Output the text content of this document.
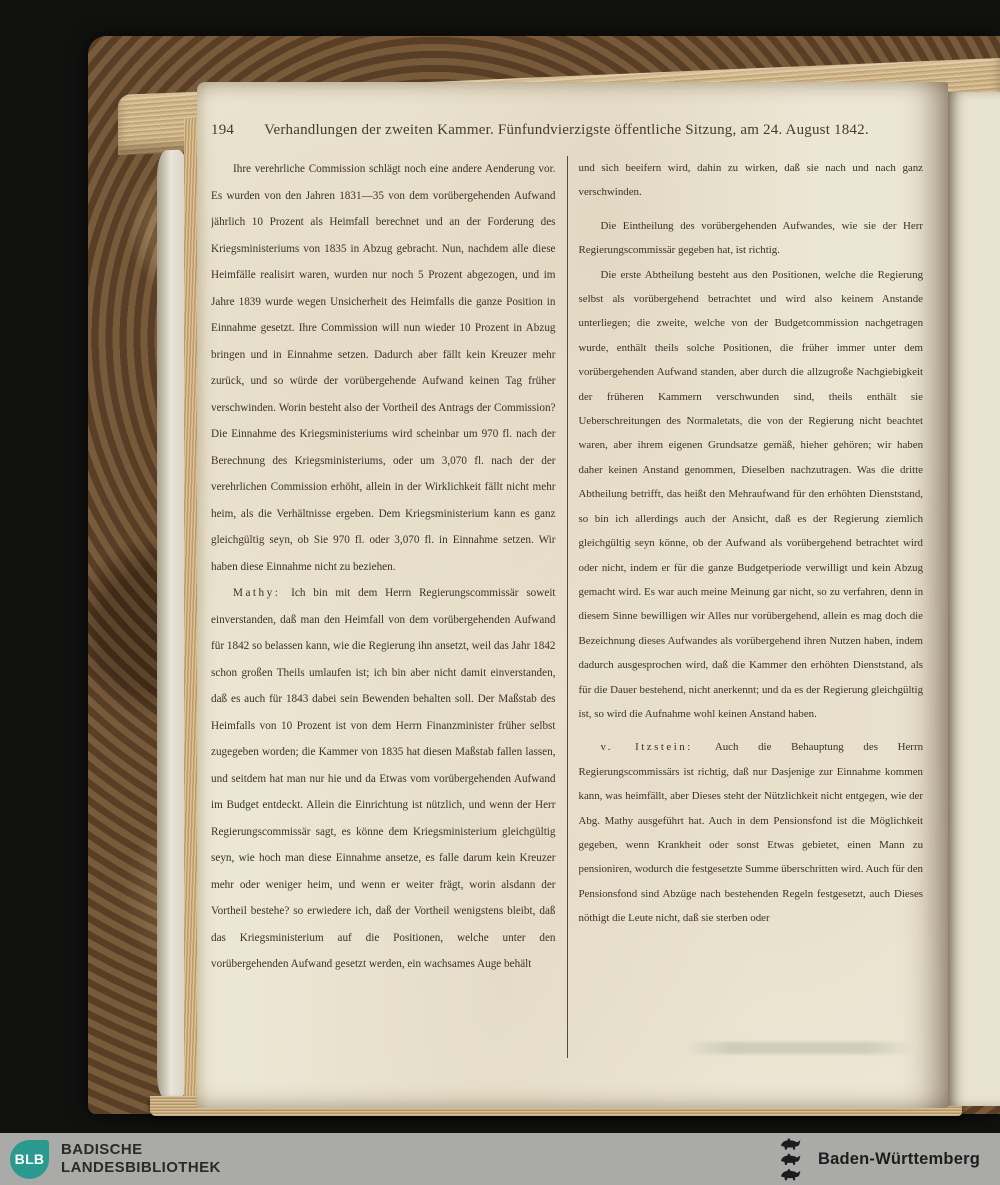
194 Verhandlungen der zweiten Kammer. Fünfundvierzigste öffentliche Sitzung, am 24. August 1842.

Ihre verehrliche Commission schlägt noch eine andere Aenderung vor. Es wurden von den Jahren 1831—35 von dem vorübergehenden Aufwand jährlich 10 Prozent als Heimfall berechnet und an der Forderung des Kriegsministeriums von 1835 in Abzug gebracht. Nun, nachdem alle diese Heimfälle realisirt waren, wurden nur noch 5 Prozent abgezogen, und im Jahre 1839 wurde wegen Unsicherheit des Heimfalls die ganze Position in Einnahme gesetzt. Ihre Commission will nun wieder 10 Prozent in Abzug bringen und in Einnahme setzen. Dadurch aber fällt kein Kreuzer mehr zurück, und so würde der vorübergehende Aufwand keinen Tag früher verschwinden. Worin besteht also der Vortheil des Antrags der Commission? Die Einnahme des Kriegsministeriums wird scheinbar um 970 fl. nach der Berechnung des Kriegsministeriums, oder um 3,070 fl. nach der der verehrlichen Commission erhöht, allein in der Wirklichkeit fällt nicht mehr heim, als die Verhältnisse ergeben. Dem Kriegsministerium kann es ganz gleichgültig seyn, ob Sie 970 fl. oder 3,070 fl. in Einnahme setzen. Wir haben diese Einnahme nicht zu beziehen.

Mathy: Ich bin mit dem Herrn Regierungscommissär soweit einverstanden, daß man den Heimfall von dem vorübergehenden Aufwand für 1842 so belassen kann, wie die Regierung ihn ansetzt, weil das Jahr 1842 schon großen Theils umlaufen ist; ich bin aber nicht damit einverstanden, daß es auch für 1843 dabei sein Bewenden behalten soll. Der Maßstab des Heimfalls von 10 Prozent ist von dem Herrn Finanzminister früher selbst zugegeben worden; die Kammer von 1835 hat diesen Maßstab fallen lassen, und seitdem hat man nur hie und da Etwas vom vorübergehenden Aufwand im Budget entdeckt. Allein die Einrichtung ist nützlich, und wenn der Herr Regierungscommissär sagt, es könne dem Kriegsministerium gleichgültig seyn, wie hoch man diese Einnahme ansetze, es falle darum kein Kreuzer mehr oder weniger heim, und wenn er weiter frägt, worin alsdann der Vortheil bestehe? so erwiedere ich, daß der Vortheil wenigstens bleibt, daß das Kriegsministerium auf die Positionen, welche unter den vorübergehenden Aufwand gesetzt werden, ein wachsames Auge behält

und sich beeifern wird, dahin zu wirken, daß sie nach und nach ganz verschwinden.

Die Eintheilung des vorübergehenden Aufwandes, wie sie der Herr Regierungscommissär gegeben hat, ist richtig.

Die erste Abtheilung besteht aus den Positionen, welche die Regierung selbst als vorübergehend betrachtet und wird also keinem Anstande unterliegen; die zweite, welche von der Budgetcommission nachgetragen wurde, enthält theils solche Positionen, die früher immer unter dem vorübergehenden Aufwand standen, aber durch die allzugroße Nachgiebigkeit der früheren Kammern verschwunden sind, theils enthält sie Ueberschreitungen des Normaletats, die von der Regierung nicht beachtet waren, aber ihrem eigenen Grundsatze gemäß, hieher gehören; wir haben daher keinen Anstand genommen, Dieselben nachzutragen. Was die dritte Abtheilung betrifft, das heißt den Mehraufwand für den erhöhten Dienststand, so bin ich allerdings auch der Ansicht, daß es der Regierung ziemlich gleichgültig seyn könne, ob der Aufwand als vorübergehend betrachtet wird oder nicht, indem er für die ganze Budgetperiode verwilligt und kein Abzug gemacht wird. Es war auch meine Meinung gar nicht, so zu verfahren, denn in diesem Sinne bewilligen wir Alles nur vorübergehend, allein es mag doch die Bezeichnung dieses Aufwandes als vorübergehend ihren Nutzen haben, indem dadurch ausgesprochen wird, daß die Kammer den erhöhten Dienststand, als für die Dauer bestehend, nicht anerkennt; und da es der Regierung gleichgültig ist, so wird die Aufnahme wohl keinen Anstand haben.

v. Itzstein: Auch die Behauptung des Herrn Regierungscommissärs ist richtig, daß nur Dasjenige zur Einnahme kommen kann, was heimfällt, aber Dieses steht der Nützlichkeit nicht entgegen, wie der Abg. Mathy ausgeführt hat. Auch in dem Pensionsfond ist die Möglichkeit gegeben, wenn Krankheit oder sonst Etwas gebietet, einen Mann zu pensioniren, wodurch die festgesetzte Summe überschritten wird. Auch für den Pensionsfond sind Abzüge nach bestehenden Regeln festgesetzt, auch Dieses nöthigt die Leute nicht, daß sie sterben oder

BLB
BADISCHE
LANDESBIBLIOTHEK	Baden-Württemberg
